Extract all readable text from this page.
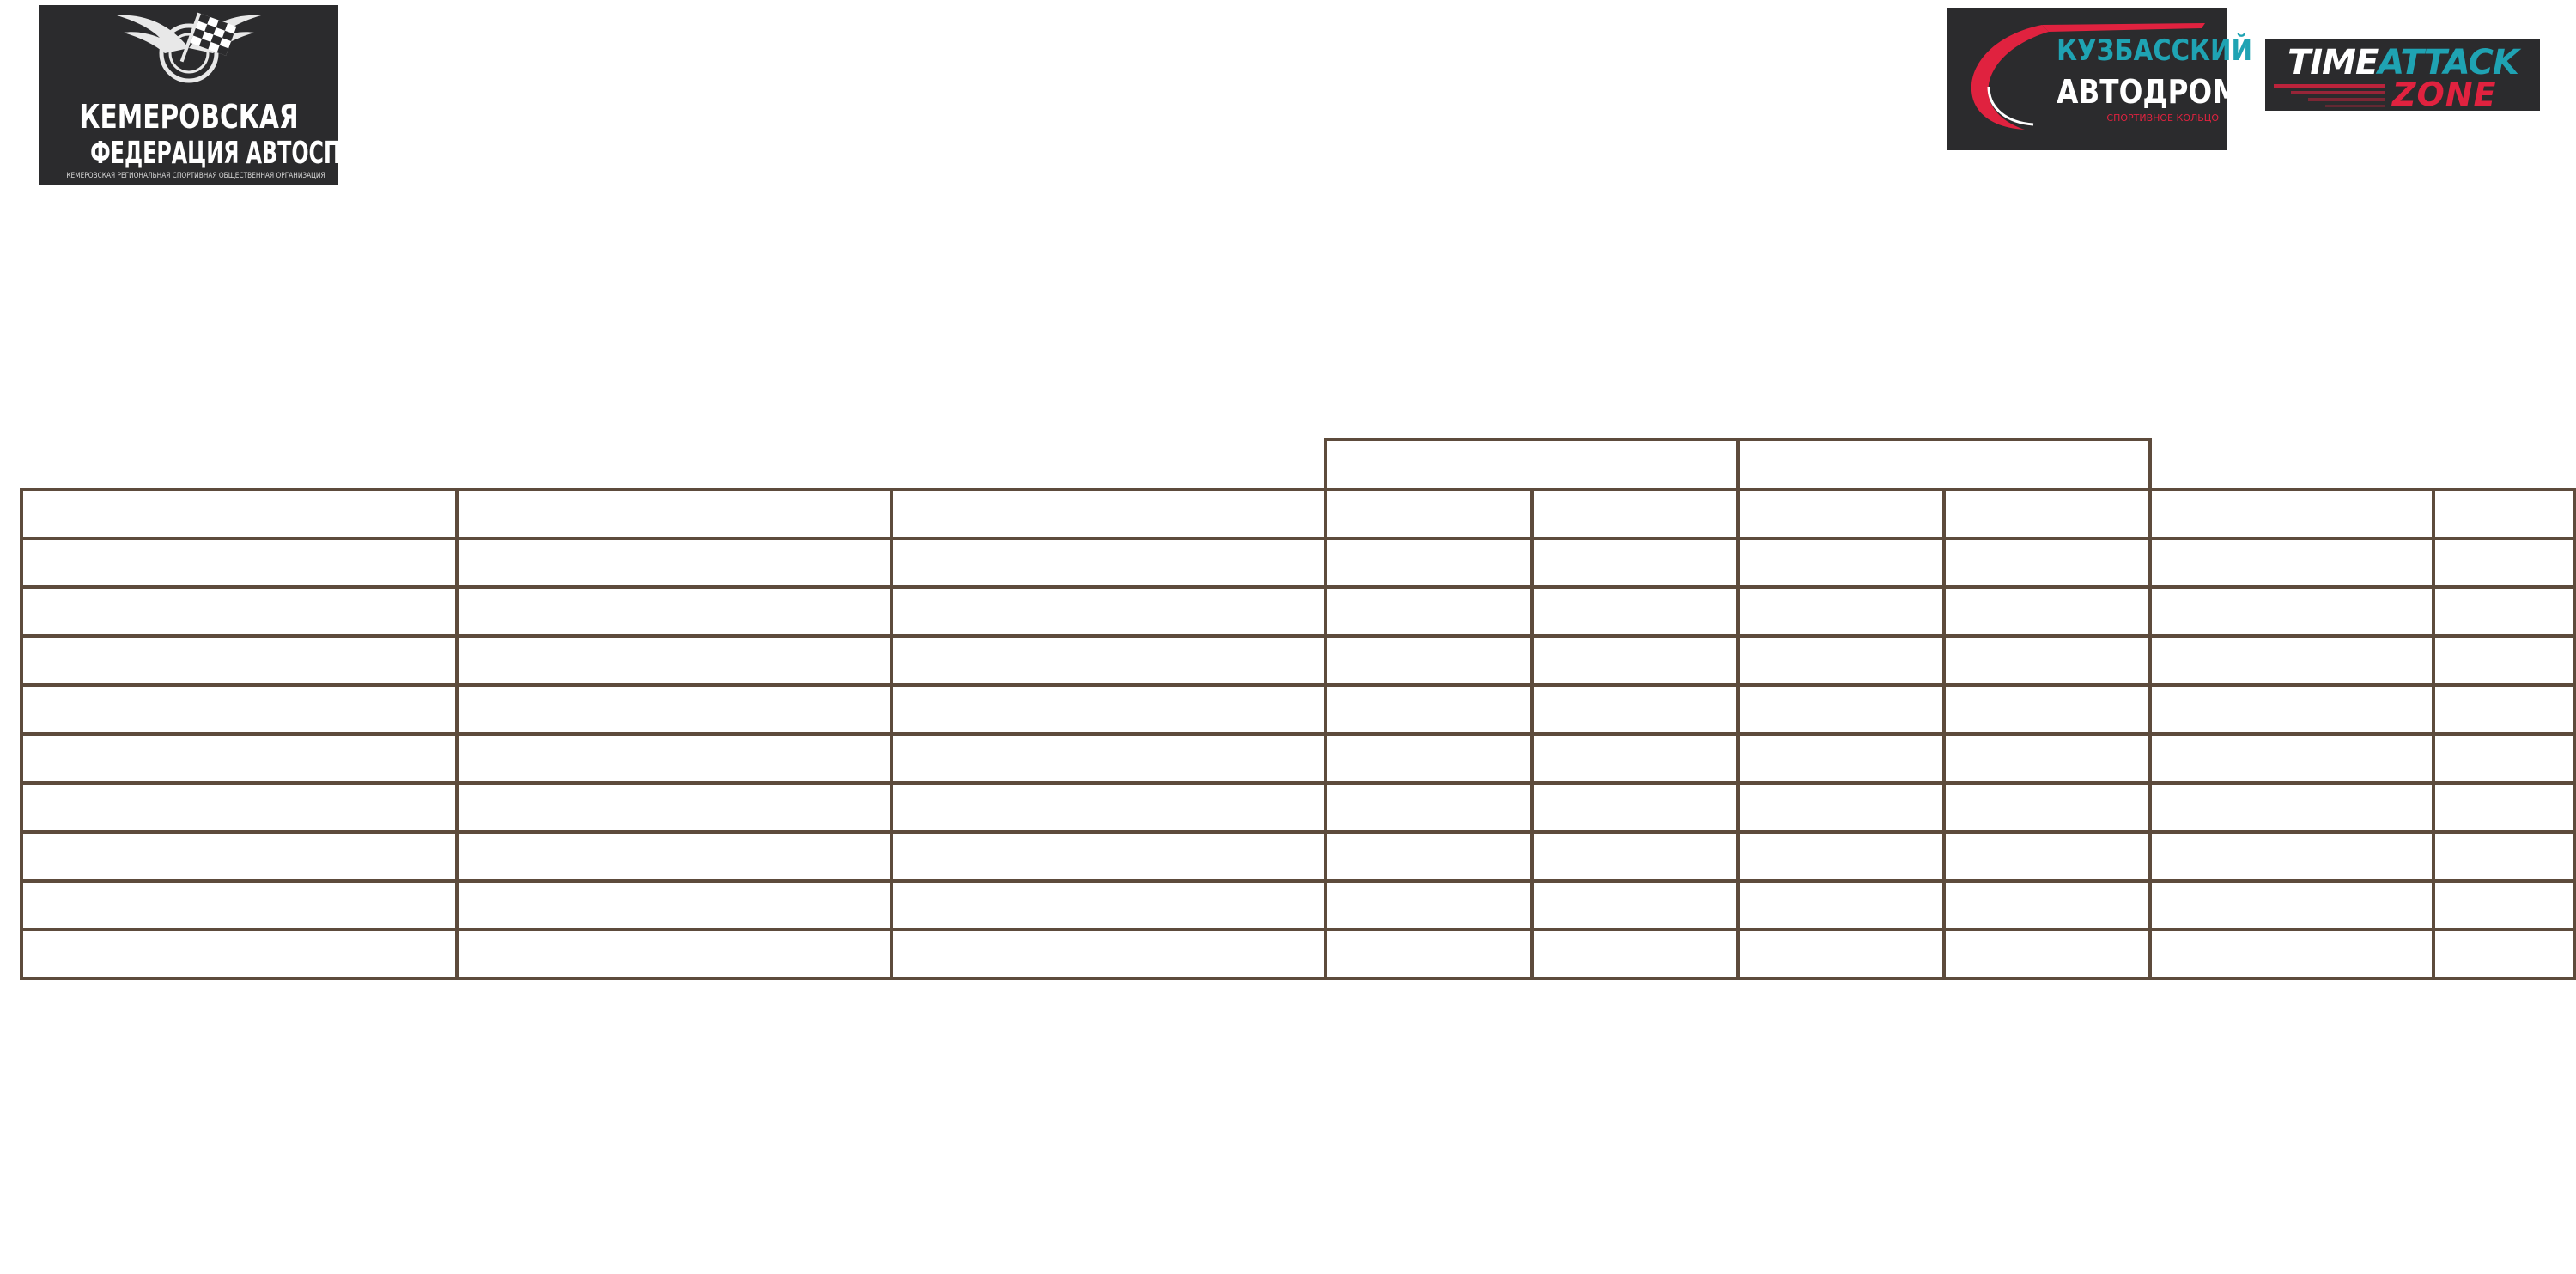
КЕМЕРОВСКАЯ
ФЕДЕРАЦИЯ АВТОСПОРТА
КЕМЕРОВСКАЯ РЕГИОНАЛЬНАЯ СПОРТИВНАЯ ОБЩЕСТВЕННАЯ ОРГАНИЗАЦИЯ
КУЗБАССКИЙ
АВТОДРОМ
СПОРТИВНОЕ КОЛЬЦО
TIMEATTACK
ZONE
